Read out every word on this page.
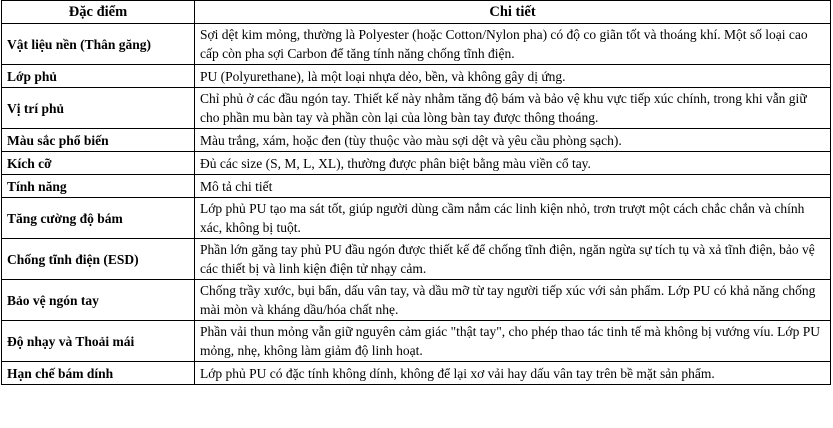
Đặc điểm	Chi tiết
Vật liệu nền (Thân găng)	Sợi dệt kim mỏng, thường là Polyester (hoặc Cotton/Nylon pha) có độ co giãn tốt và thoáng khí. Một số loại cao cấp còn pha sợi Carbon để tăng tính năng chống tĩnh điện.
Lớp phủ	PU (Polyurethane), là một loại nhựa dẻo, bền, và không gây dị ứng.
Vị trí phủ	Chỉ phủ ở các đầu ngón tay. Thiết kế này nhằm tăng độ bám và bảo vệ khu vực tiếp xúc chính, trong khi vẫn giữ cho phần mu bàn tay và phần còn lại của lòng bàn tay được thông thoáng.
Màu sắc phổ biến	Màu trắng, xám, hoặc đen (tùy thuộc vào màu sợi dệt và yêu cầu phòng sạch).
Kích cỡ	Đủ các size (S, M, L, XL), thường được phân biệt bằng màu viền cổ tay.
Tính năng	Mô tả chi tiết
Tăng cường độ bám	Lớp phủ PU tạo ma sát tốt, giúp người dùng cầm nắm các linh kiện nhỏ, trơn trượt một cách chắc chắn và chính xác, không bị tuột.
Chống tĩnh điện (ESD)	Phần lớn găng tay phủ PU đầu ngón được thiết kế để chống tĩnh điện, ngăn ngừa sự tích tụ và xả tĩnh điện, bảo vệ các thiết bị và linh kiện điện tử nhạy cảm.
Bảo vệ ngón tay	Chống trầy xước, bụi bẩn, dấu vân tay, và dầu mỡ từ tay người tiếp xúc với sản phẩm. Lớp PU có khả năng chống mài mòn và kháng dầu/hóa chất nhẹ.
Độ nhạy và Thoải mái	Phần vải thun mỏng vẫn giữ nguyên cảm giác "thật tay", cho phép thao tác tinh tế mà không bị vướng víu. Lớp PU mỏng, nhẹ, không làm giảm độ linh hoạt.
Hạn chế bám dính	Lớp phủ PU có đặc tính không dính, không để lại xơ vải hay dấu vân tay trên bề mặt sản phẩm.
